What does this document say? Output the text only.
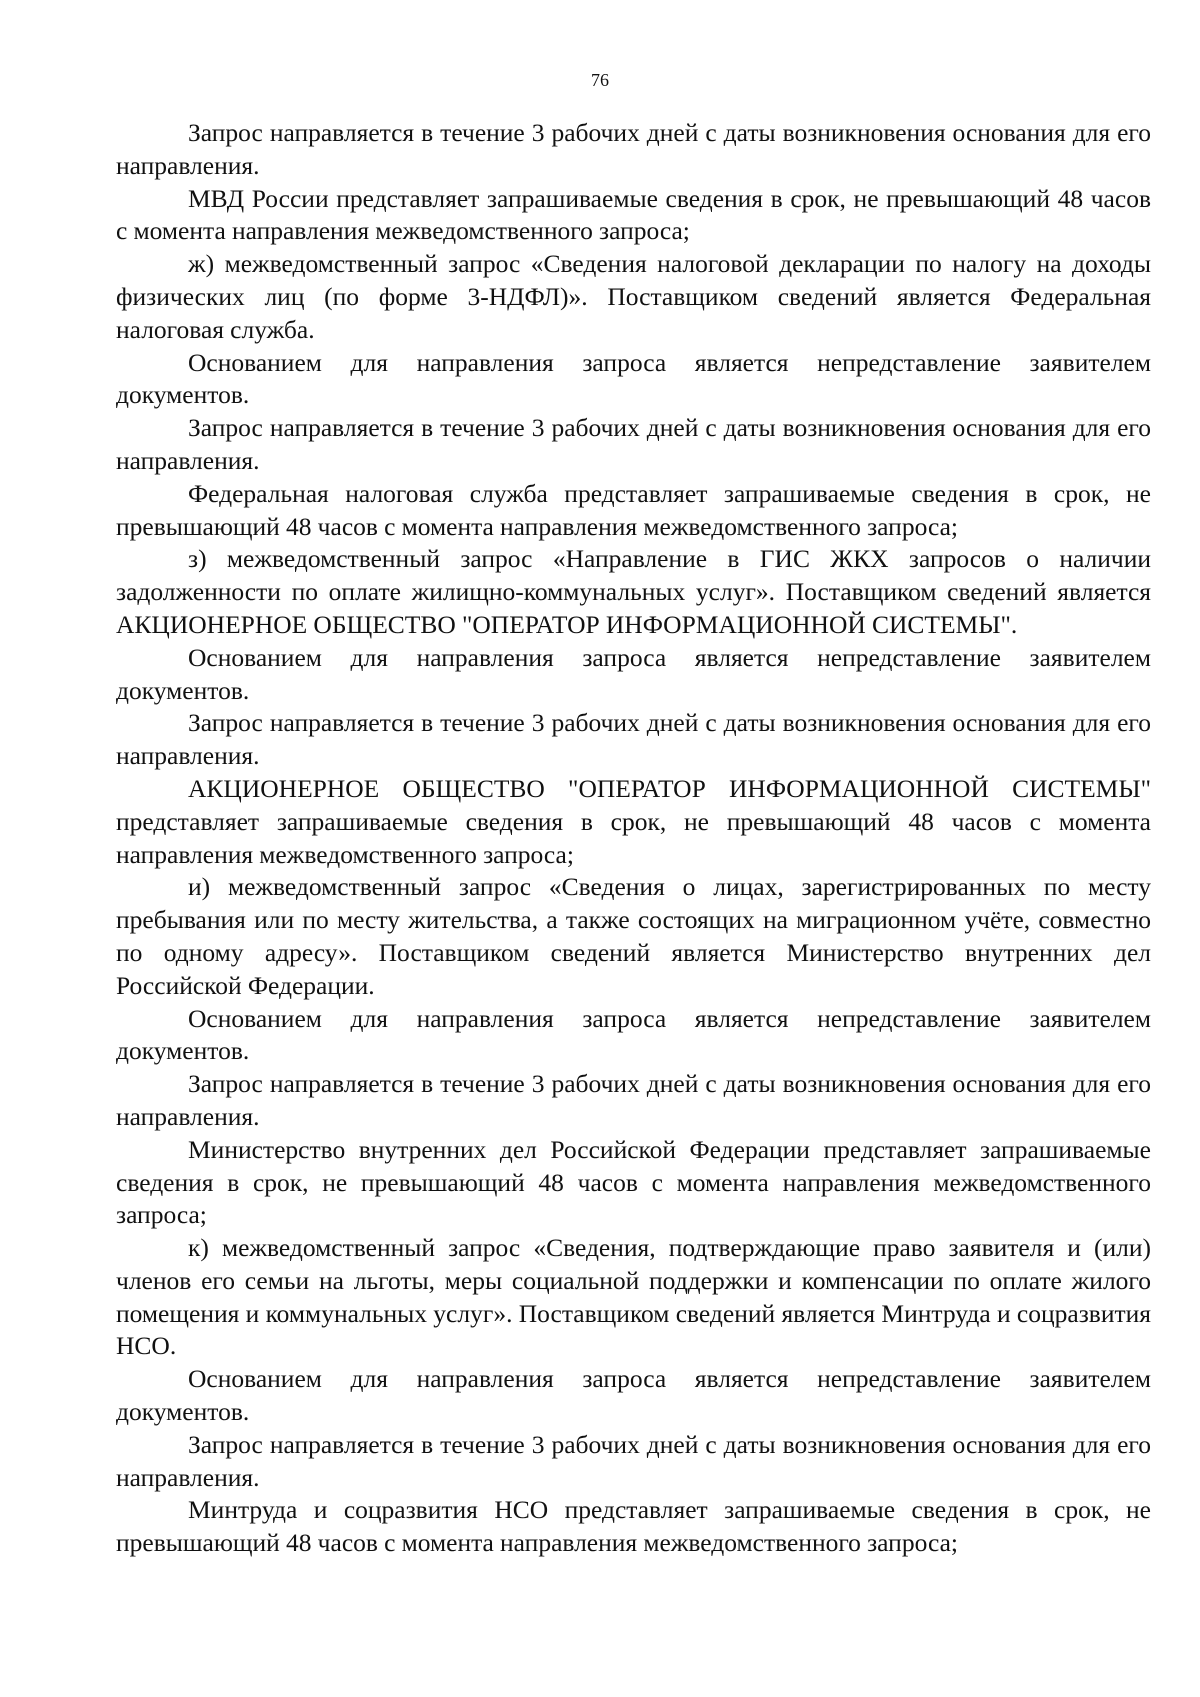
76

Запрос направляется в течение 3 рабочих дней с даты возникновения основания для его направления.

МВД России представляет запрашиваемые сведения в срок, не превышающий 48 часов с момента направления межведомственного запроса;

ж) межведомственный запрос «Сведения налоговой декларации по налогу на доходы физических лиц (по форме 3-НДФЛ)». Поставщиком сведений является Федеральная налоговая служба.

Основанием для направления запроса является непредставление заявителем документов.

Запрос направляется в течение 3 рабочих дней с даты возникновения основания для его направления.

Федеральная налоговая служба представляет запрашиваемые сведения в срок, не превышающий 48 часов с момента направления межведомственного запроса;

з) межведомственный запрос «Направление в ГИС ЖКХ запросов о наличии задолженности по оплате жилищно-коммунальных услуг». Поставщиком сведений является АКЦИОНЕРНОЕ ОБЩЕСТВО "ОПЕРАТОР ИНФОРМАЦИОННОЙ СИСТЕМЫ".

Основанием для направления запроса является непредставление заявителем документов.

Запрос направляется в течение 3 рабочих дней с даты возникновения основания для его направления.

АКЦИОНЕРНОЕ ОБЩЕСТВО "ОПЕРАТОР ИНФОРМАЦИОННОЙ СИСТЕМЫ" представляет запрашиваемые сведения в срок, не превышающий 48 часов с момента направления межведомственного запроса;

и) межведомственный запрос «Сведения о лицах, зарегистрированных по месту пребывания или по месту жительства, а также состоящих на миграционном учёте, совместно по одному адресу». Поставщиком сведений является Министерство внутренних дел Российской Федерации.

Основанием для направления запроса является непредставление заявителем документов.

Запрос направляется в течение 3 рабочих дней с даты возникновения основания для его направления.

Министерство внутренних дел Российской Федерации представляет запрашиваемые сведения в срок, не превышающий 48 часов с момента направления межведомственного запроса;

к) межведомственный запрос «Сведения, подтверждающие право заявителя и (или) членов его семьи на льготы, меры социальной поддержки и компенсации по оплате жилого помещения и коммунальных услуг». Поставщиком сведений является Минтруда и соцразвития НСО.

Основанием для направления запроса является непредставление заявителем документов.

Запрос направляется в течение 3 рабочих дней с даты возникновения основания для его направления.

Минтруда и соцразвития НСО представляет запрашиваемые сведения в срок, не превышающий 48 часов с момента направления межведомственного запроса;
